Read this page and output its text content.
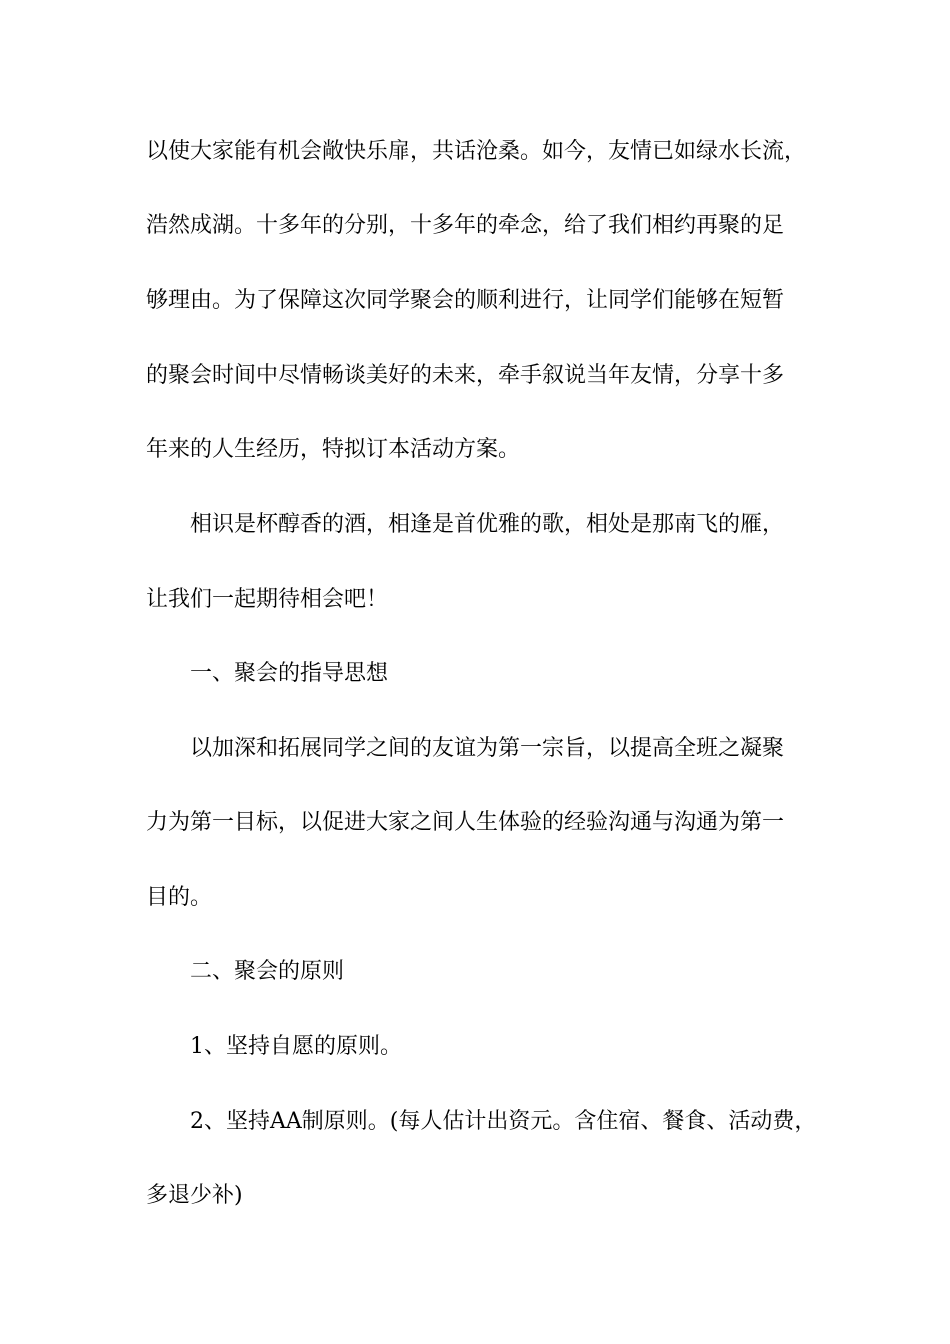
以使大家能有机会敞快乐扉，共话沧桑。如今，友情已如绿水长流，
浩然成湖。十多年的分别，十多年的牵念，给了我们相约再聚的足
够理由。为了保障这次同学聚会的顺利进行，让同学们能够在短暂
的聚会时间中尽情畅谈美好的未来，牵手叙说当年友情，分享十多
年来的人生经历，特拟订本活动方案。
相识是杯醇香的酒，相逢是首优雅的歌，相处是那南飞的雁，
让我们一起期待相会吧！
一、聚会的指导思想
以加深和拓展同学之间的友谊为第一宗旨，以提高全班之凝聚
力为第一目标，以促进大家之间人生体验的经验沟通与沟通为第一
目的。
二、聚会的原则
1、坚持自愿的原则。
2、坚持AA制原则。(每人估计出资元。含住宿、餐食、活动费，
多退少补)
